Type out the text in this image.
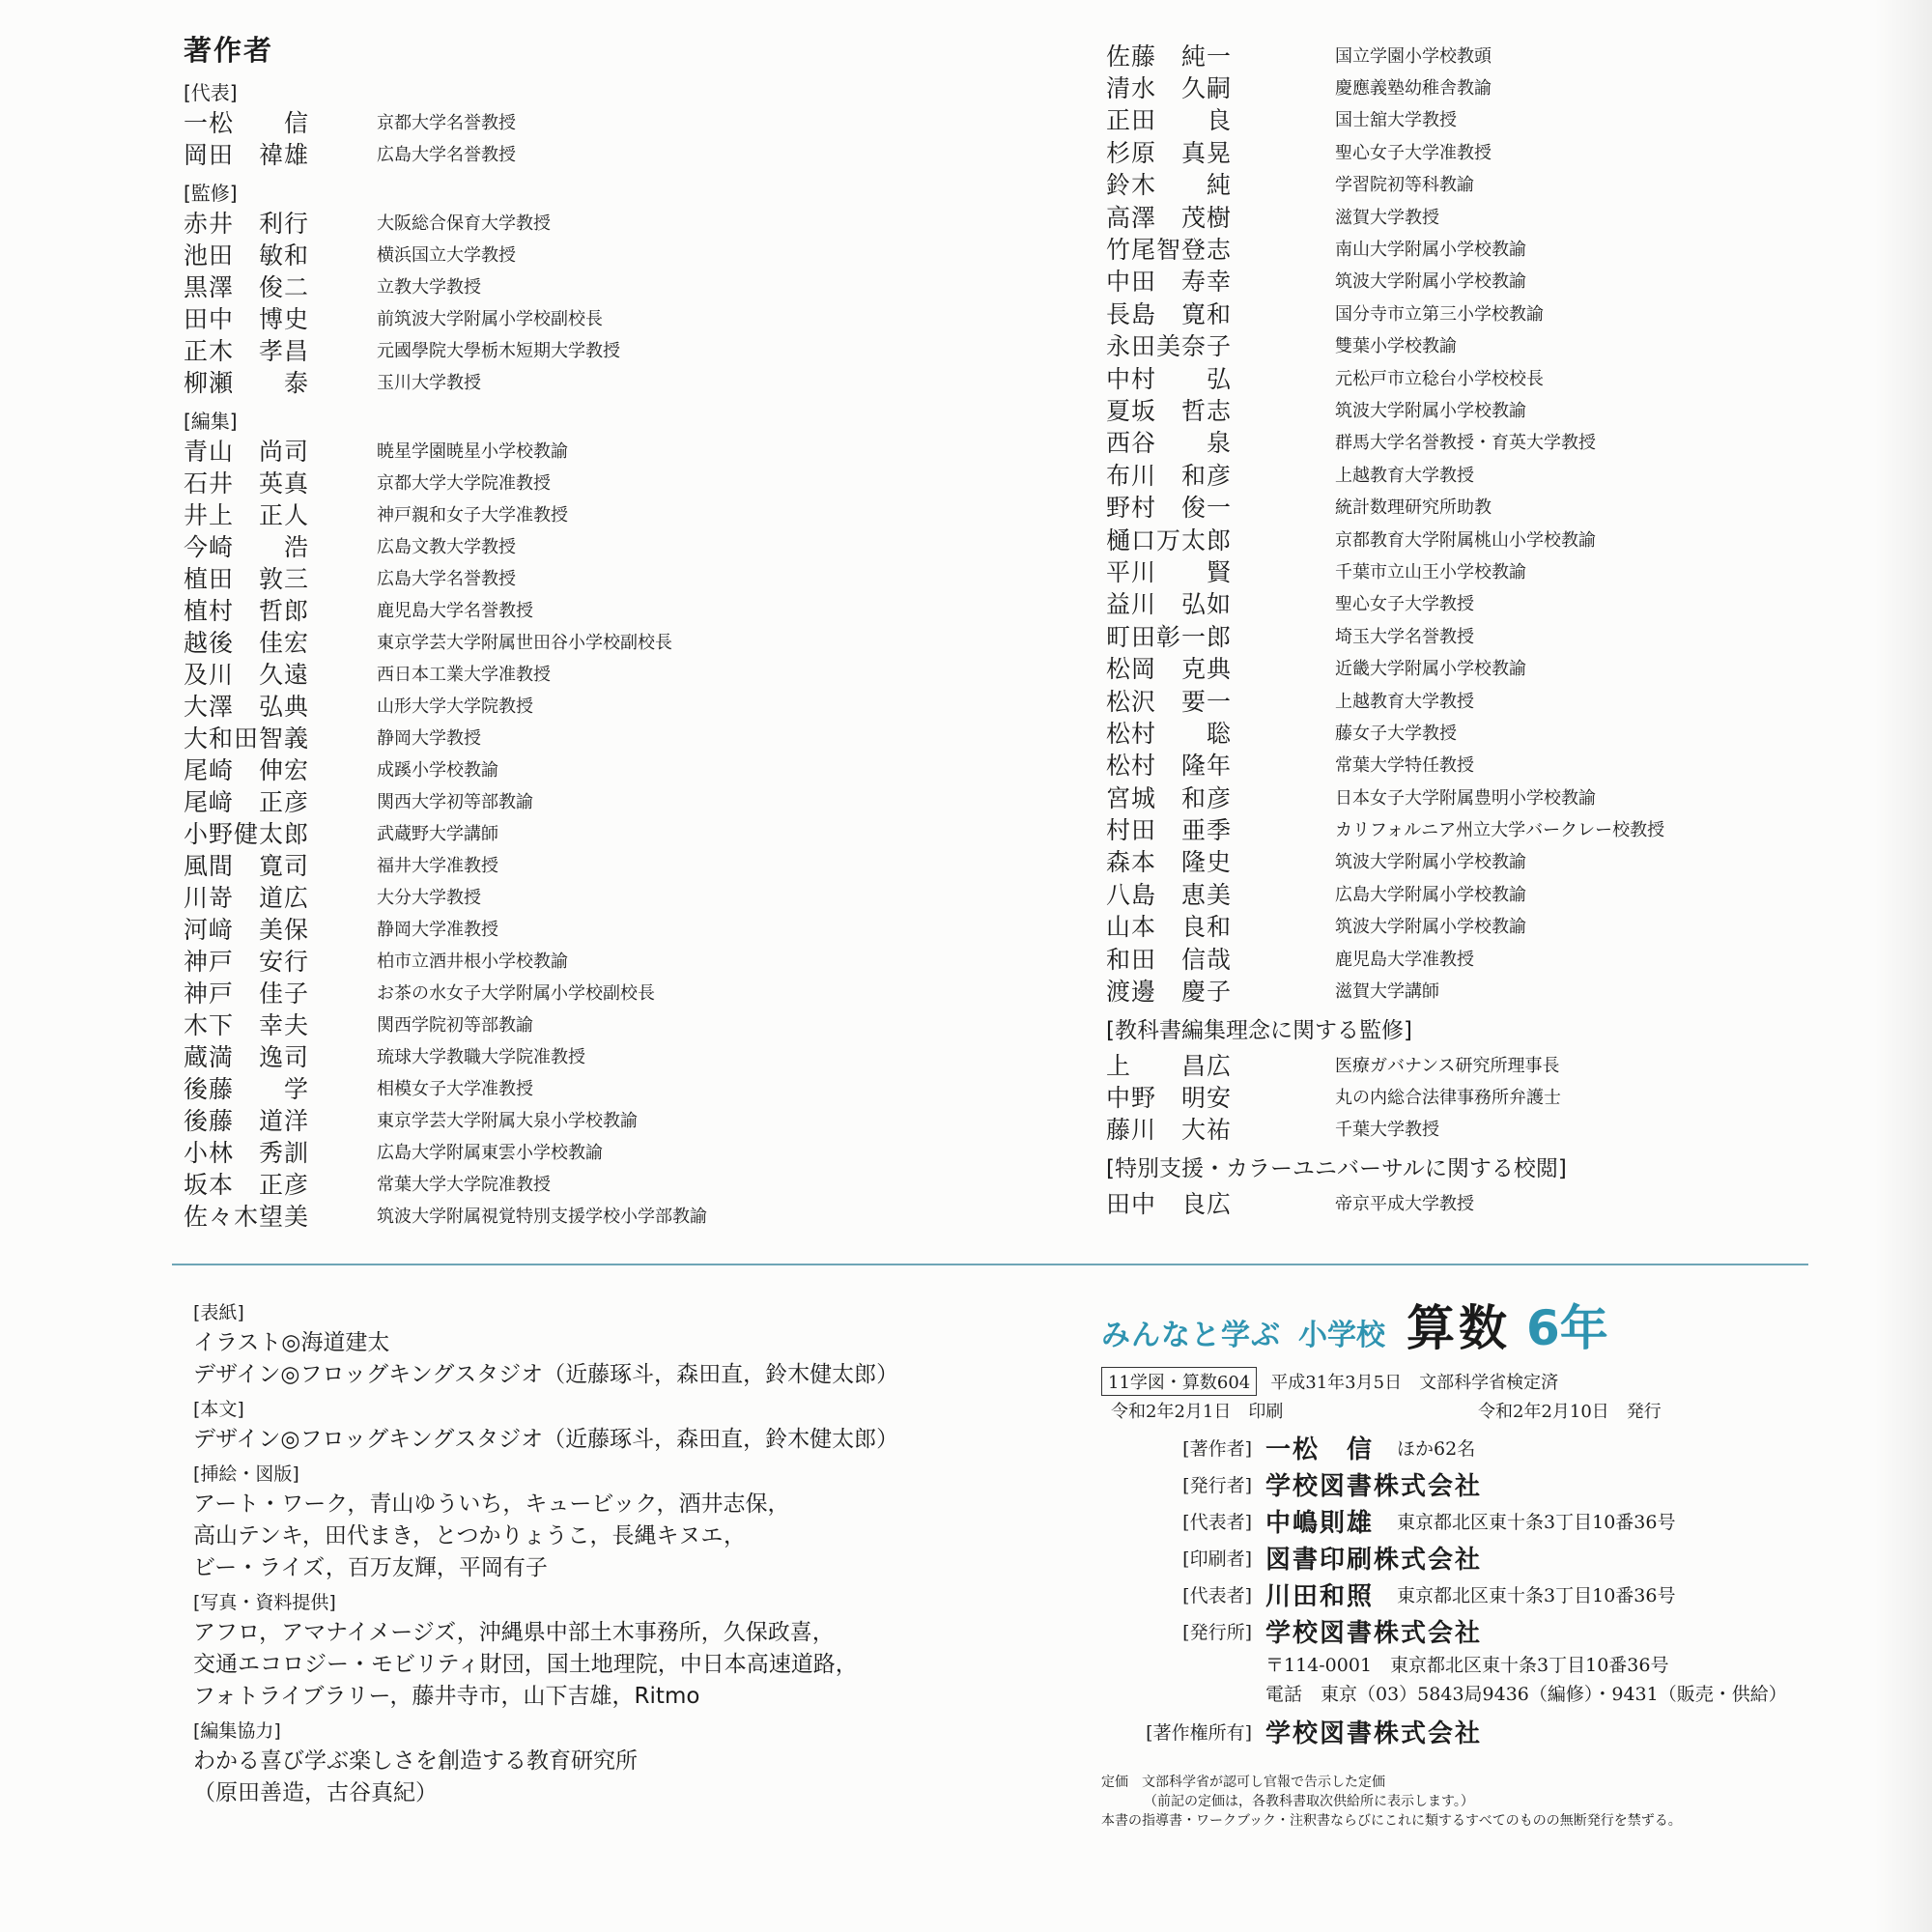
著作者
[代表]
一松　　信	京都大学名誉教授
岡田　禕雄	広島大学名誉教授
[監修]
赤井　利行	大阪総合保育大学教授
池田　敏和	横浜国立大学教授
黒澤　俊二	立教大学教授
田中　博史	前筑波大学附属小学校副校長
正木　孝昌	元國學院大學栃木短期大学教授
柳瀬　　泰	玉川大学教授
[編集]
青山　尚司	暁星学園暁星小学校教諭
石井　英真	京都大学大学院准教授
井上　正人	神戸親和女子大学准教授
今崎　　浩	広島文教大学教授
植田　敦三	広島大学名誉教授
植村　哲郎	鹿児島大学名誉教授
越後　佳宏	東京学芸大学附属世田谷小学校副校長
及川　久遠	西日本工業大学准教授
大澤　弘典	山形大学大学院教授
大和田智義	静岡大学教授
尾崎　伸宏	成蹊小学校教諭
尾﨑　正彦	関西大学初等部教諭
小野健太郎	武蔵野大学講師
風間　寛司	福井大学准教授
川嵜　道広	大分大学教授
河﨑　美保	静岡大学准教授
神戸　安行	柏市立酒井根小学校教諭
神戸　佳子	お茶の水女子大学附属小学校副校長
木下　幸夫	関西学院初等部教諭
蔵満　逸司	琉球大学教職大学院准教授
後藤　　学	相模女子大学准教授
後藤　道洋	東京学芸大学附属大泉小学校教諭
小林　秀訓	広島大学附属東雲小学校教諭
坂本　正彦	常葉大学大学院准教授
佐々木望美	筑波大学附属視覚特別支援学校小学部教諭
佐藤　純一	国立学園小学校教頭
清水　久嗣	慶應義塾幼稚舎教諭
正田　　良	国士舘大学教授
杉原　真晃	聖心女子大学准教授
鈴木　　純	学習院初等科教諭
高澤　茂樹	滋賀大学教授
竹尾智登志	南山大学附属小学校教諭
中田　寿幸	筑波大学附属小学校教諭
長島　寛和	国分寺市立第三小学校教諭
永田美奈子	雙葉小学校教諭
中村　　弘	元松戸市立稔台小学校校長
夏坂　哲志	筑波大学附属小学校教諭
西谷　　泉	群馬大学名誉教授・育英大学教授
布川　和彦	上越教育大学教授
野村　俊一	統計数理研究所助教
樋口万太郎	京都教育大学附属桃山小学校教諭
平川　　賢	千葉市立山王小学校教諭
益川　弘如	聖心女子大学教授
町田彰一郎	埼玉大学名誉教授
松岡　克典	近畿大学附属小学校教諭
松沢　要一	上越教育大学教授
松村　　聡	藤女子大学教授
松村　隆年	常葉大学特任教授
宮城　和彦	日本女子大学附属豊明小学校教諭
村田　亜季	カリフォルニア州立大学バークレー校教授
森本　隆史	筑波大学附属小学校教諭
八島　恵美	広島大学附属小学校教諭
山本　良和	筑波大学附属小学校教諭
和田　信哉	鹿児島大学准教授
渡邊　慶子	滋賀大学講師
[教科書編集理念に関する監修]
上　　昌広	医療ガバナンス研究所理事長
中野　明安	丸の内総合法律事務所弁護士
藤川　大祐	千葉大学教授
[特別支援・カラーユニバーサルに関する校閲]
田中　良広	帝京平成大学教授
[表紙]
イラスト◎海道建太
デザイン◎フロッグキングスタジオ（近藤琢斗，森田直，鈴木健太郎）
[本文]
デザイン◎フロッグキングスタジオ（近藤琢斗，森田直，鈴木健太郎）
[挿絵・図版]
アート・ワーク，青山ゆういち，キュービック，酒井志保，
高山テンキ，田代まき，とつかりょうこ，長縄キヌエ，
ビー・ライズ，百万友輝，平岡有子
[写真・資料提供]
アフロ，アマナイメージズ，沖縄県中部土木事務所，久保政喜，
交通エコロジー・モビリティ財団，国土地理院，中日本高速道路，
フォトライブラリー，藤井寺市，山下吉雄，Ritmo
[編集協力]
わかる喜び学ぶ楽しさを創造する教育研究所
（原田善造，古谷真紀）
みんなと学ぶ 小学校 算数 6年
11学図・算数604	平成31年3月5日　文部科学省検定済
令和2年2月1日　印刷	令和2年2月10日　発行
[著作者] 一松　信 ほか62名
[発行者] 学校図書株式会社
[代表者] 中嶋則雄 東京都北区東十条3丁目10番36号
[印刷者] 図書印刷株式会社
[代表者] 川田和照 東京都北区東十条3丁目10番36号
[発行所] 学校図書株式会社
〒114-0001　東京都北区東十条3丁目10番36号
電話　東京（03）5843局9436（編修）・9431（販売・供給）
[著作権所有] 学校図書株式会社
定価　文部科学省が認可し官報で告示した定価
（前記の定価は，各教科書取次供給所に表示します。）
本書の指導書・ワークブック・注釈書ならびにこれに類するすべてのものの無断発行を禁ずる。
